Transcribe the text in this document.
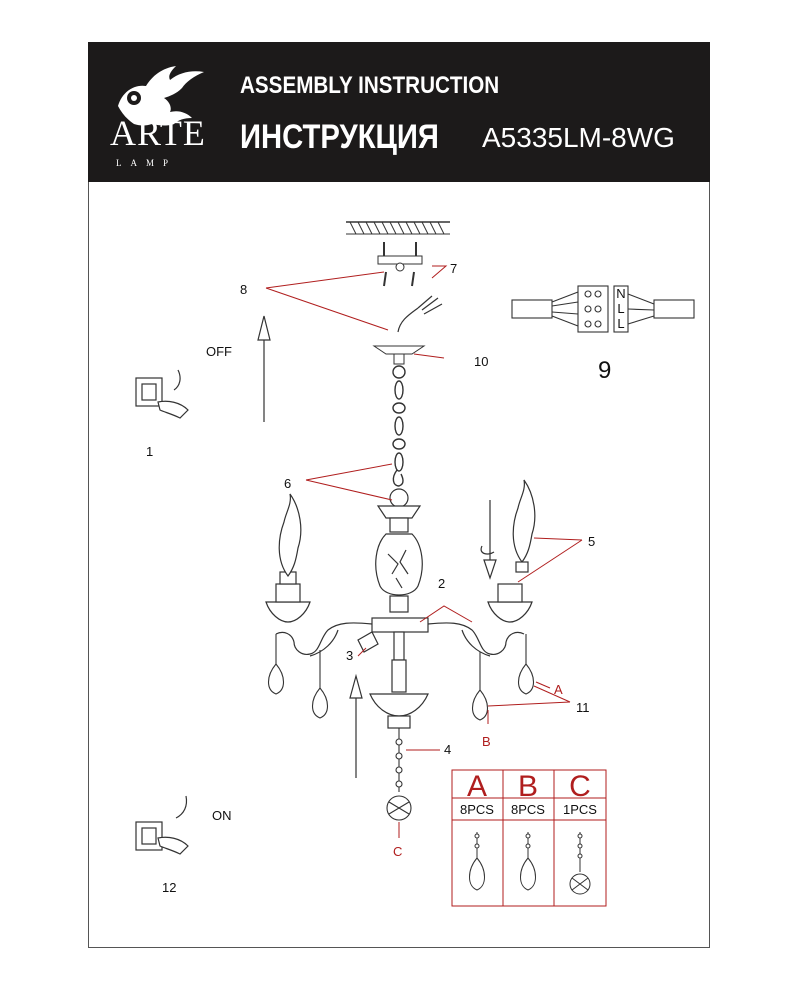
ARTE
LAMP
ASSEMBLY INSTRUCTION
ИНСТРУКЦИЯ A5335LM-8WG
N
L
L
OFF
1
7
8
10	9
6
5
2
3
4
11
A
B
C
ON
12
A B C
8PCS 8PCS 1PCS
